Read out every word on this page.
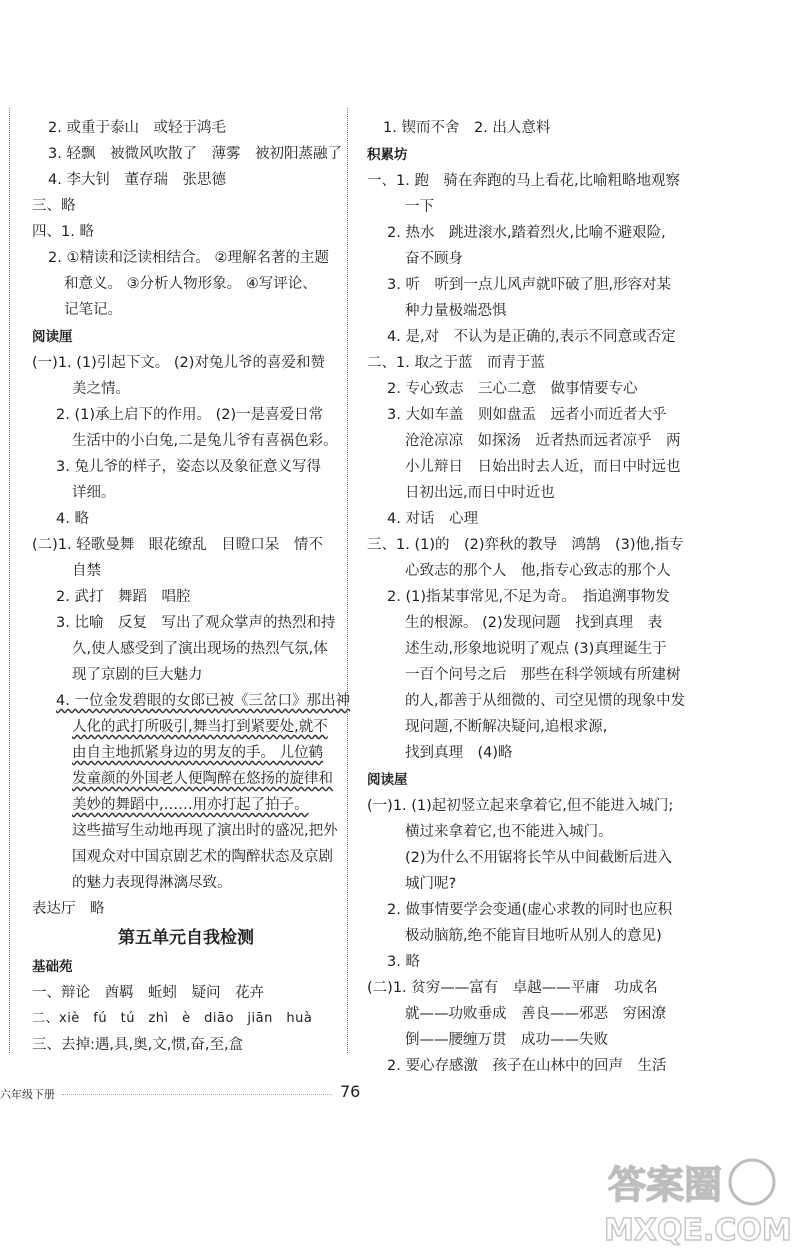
2. 或重于泰山　或轻于鸿毛
3. 轻飘　被微风吹散了　薄雾　被初阳蒸融了
4. 李大钊　董存瑞　张思德
三、略
四、1. 略
2. ①精读和泛读相结合。 ②理解名著的主题
和意义。 ③分析人物形象。 ④写评论、
记笔记。
阅读厘
(一)1. (1)引起下文。 (2)对兔儿爷的喜爱和赞
美之情。
2. (1)承上启下的作用。 (2)一是喜爱日常
生活中的小白兔,二是兔儿爷有喜祸色彩。
3. 兔儿爷的样子，姿态以及象征意义写得
详细。
4. 略
(二)1. 轻歌曼舞　眼花缭乱　目瞪口呆　情不
自禁
2. 武打　舞蹈　唱腔
3. 比喻　反复　写出了观众掌声的热烈和持
久,使人感受到了演出现场的热烈气氛,体
现了京剧的巨大魅力
4. 一位金发碧眼的女郎已被《三岔口》那出神
人化的武打所吸引,舞当打到紧要处,就不
由自主地抓紧身边的男友的手。 儿位鹤
发童颜的外国老人便陶醉在悠扬的旋律和
美妙的舞蹈中,……用亦打起了拍子。
这些描写生动地再现了演出时的盛况,把外
国观众对中国京剧艺术的陶醉状态及京剧
的魅力表现得淋漓尽致。
表达厅　略
第五单元自我检测
基础苑
一、辩论　酋羁　蚯蚓　疑问　花卉
二、xiè　fú　tú　zhì　è　diāo　jiān　huà
三、去掉:遇,具,奥,文,惯,奋,至,盒
1. 锲而不舍　2. 出人意料
积累坊
一、1. 跑　骑在奔跑的马上看花,比喻粗略地观察
一下
2. 热水　跳进滚水,踏着烈火,比喻不避艰险,
奋不顾身
3. 听　听到一点儿风声就吓破了胆,形容对某
种力量极端恐惧
4. 是,对　不认为是正确的,表示不同意或否定
二、1. 取之于蓝　而青于蓝
2. 专心致志　三心二意　做事情要专心
3. 大如车盖　则如盘盂　远者小而近者大乎
沧沧凉凉　如探汤　近者热而远者凉乎　两
小儿辩日　日始出时去人近，而日中时远也
日初出远,而日中时近也
4. 对话　心理
三、1. (1)的　(2)弈秋的教导　鸿鹄　(3)他,指专
心致志的那个人　他,指专心致志的那个人
2. (1)指某事常见,不足为奇。　指追溯事物发
生的根源。 (2)发现问题　找到真理　表
述生动,形象地说明了观点 (3)真理诞生于
一百个问号之后　那些在科学领域有所建树
的人,都善于从细微的、司空见惯的现象中发
现问题,不断解决疑问,追根求源,
找到真理　(4)略
阅读屋
(一)1. (1)起初竖立起来拿着它,但不能进入城门;
横过来拿着它,也不能进入城门。
(2)为什么不用锯将长竿从中间截断后进入
城门呢?
2. 做事情要学会变通(虚心求教的同时也应积
极动脑筋,绝不能盲目地听从别人的意见)
3. 略
(二)1. 贫穷——富有　卓越——平庸　功成名
就——功败垂成　善良——邪恶　穷困潦
倒——腰缠万贯　成功——失败
2. 要心存感激　孩子在山林中的回声　生活
六年级下册	76
答案圈
MXQE.COM
